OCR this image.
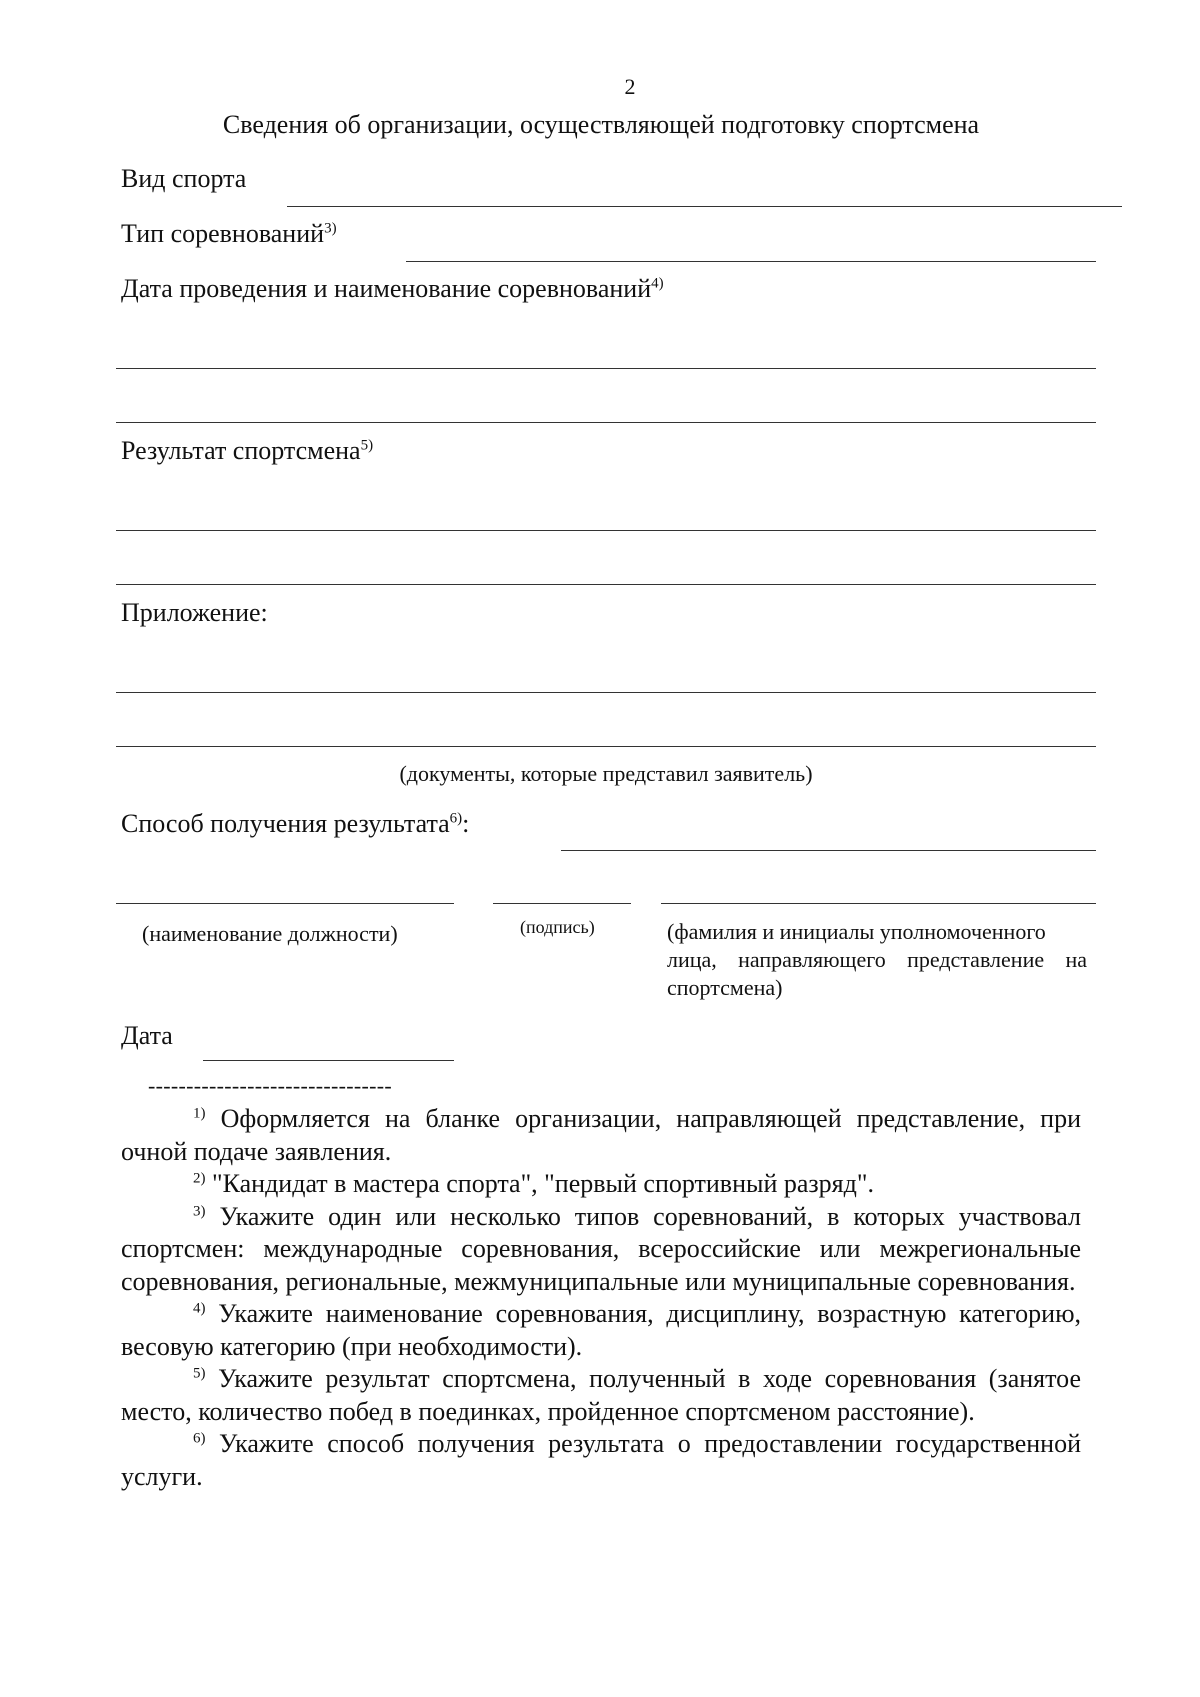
2
Сведения об организации, осуществляющей подготовку спортсмена
Вид спорта
Тип соревнований$^{3)}$
Дата проведения и наименование соревнований$^{4)}$
Результат спортсмена$^{5)}$
Приложение:
(документы, которые представил заявитель)
Способ получения результата$^{6)}$:
(наименование должности)	(подпись)	(фамилия и инициалы уполномоченного
лица, направляющего представление на
спортсмена)
Дата
--------------------------------

$^{1)}$ Оформляется на бланке организации, направляющей представление, при очной подаче заявления.

$^{2)}$ "Кандидат в мастера спорта", "первый спортивный разряд".

$^{3)}$ Укажите один или несколько типов соревнований, в которых участвовал спортсмен: международные соревнования, всероссийские или межрегиональные соревнования, региональные, межмуниципальные или муниципальные соревнования.

$^{4)}$ Укажите наименование соревнования, дисциплину, возрастную категорию, весовую категорию (при необходимости).

$^{5)}$ Укажите результат спортсмена, полученный в ходе соревнования (занятое место, количество побед в поединках, пройденное спортсменом расстояние).

$^{6)}$ Укажите способ получения результата о предоставлении государственной услуги.
